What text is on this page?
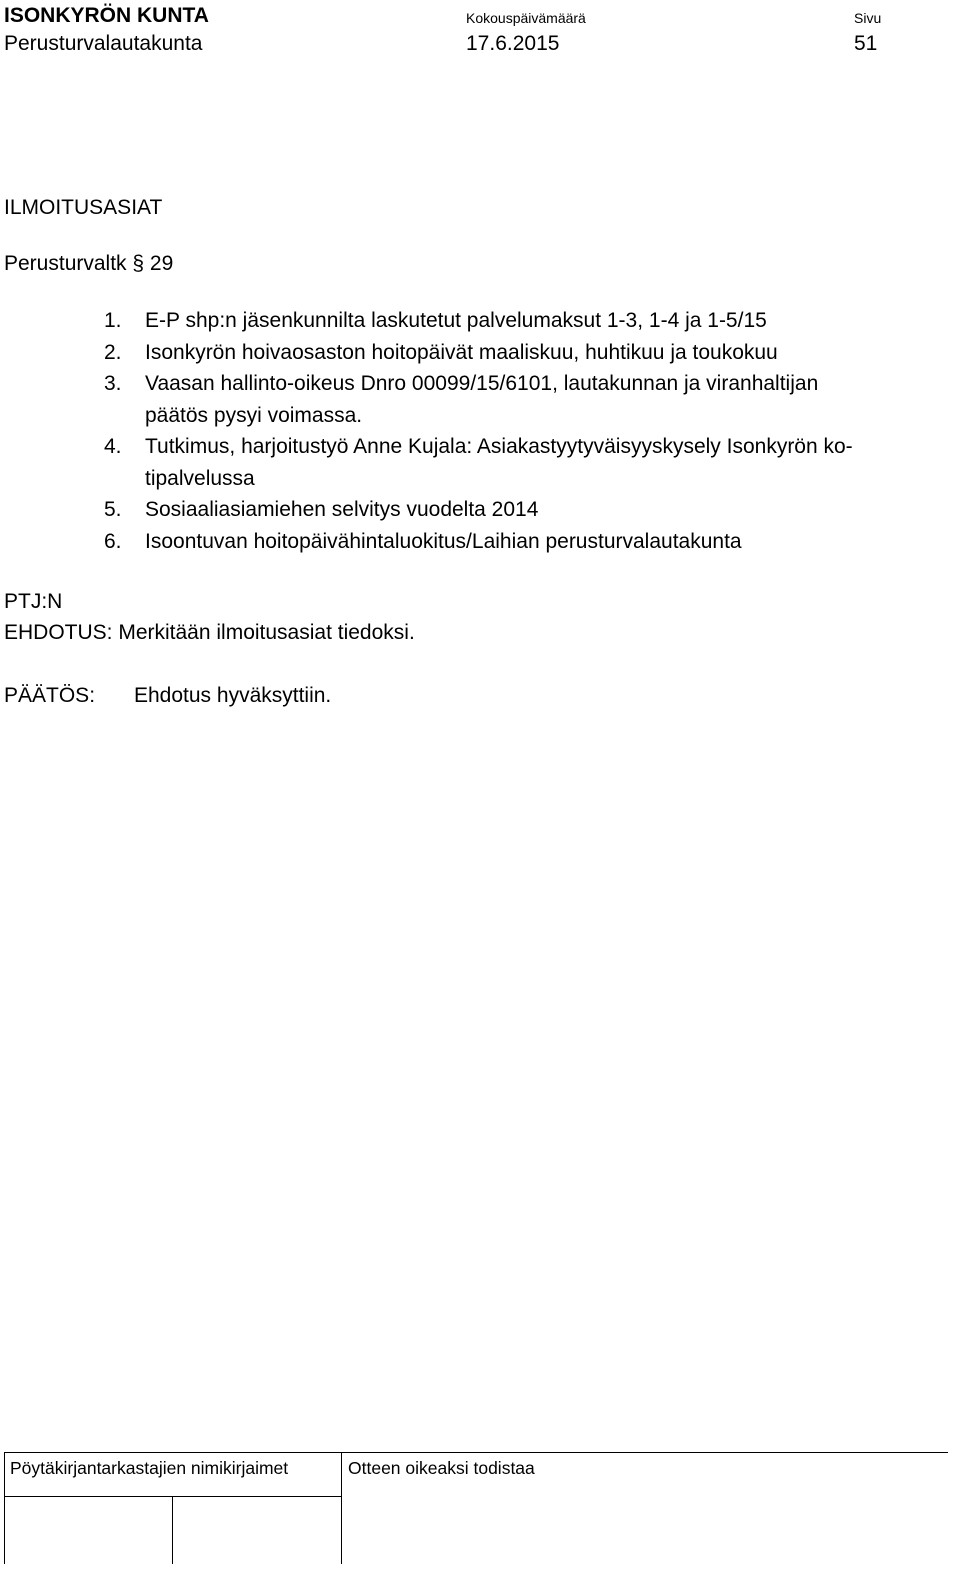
ISONKYRÖN KUNTA
Perusturvalautakunta
Kokouspäivämäärä
17.6.2015
Sivu
51
ILMOITUSASIAT
Perusturvaltk § 29
1. E-P shp:n jäsenkunnilta laskutetut palvelumaksut 1-3, 1-4 ja 1-5/15
2. Isonkyrön hoivaosaston hoitopäivät maaliskuu, huhtikuu ja toukokuu
3. Vaasan hallinto-oikeus Dnro 00099/15/6101, lautakunnan ja viranhaltijan
päätös pysyi voimassa.
4. Tutkimus, harjoitustyö Anne Kujala: Asiakastyytyväisyyskysely Isonkyrön ko-
tipalvelussa
5. Sosiaaliasiamiehen selvitys vuodelta 2014
6. Isoontuvan hoitopäivähintaluokitus/Laihian perusturvalautakunta
PTJ:N
EHDOTUS: Merkitään ilmoitusasiat tiedoksi.
PÄÄTÖS: Ehdotus hyväksyttiin.
Pöytäkirjantarkastajien nimikirjaimet	Otteen oikeaksi todistaa
